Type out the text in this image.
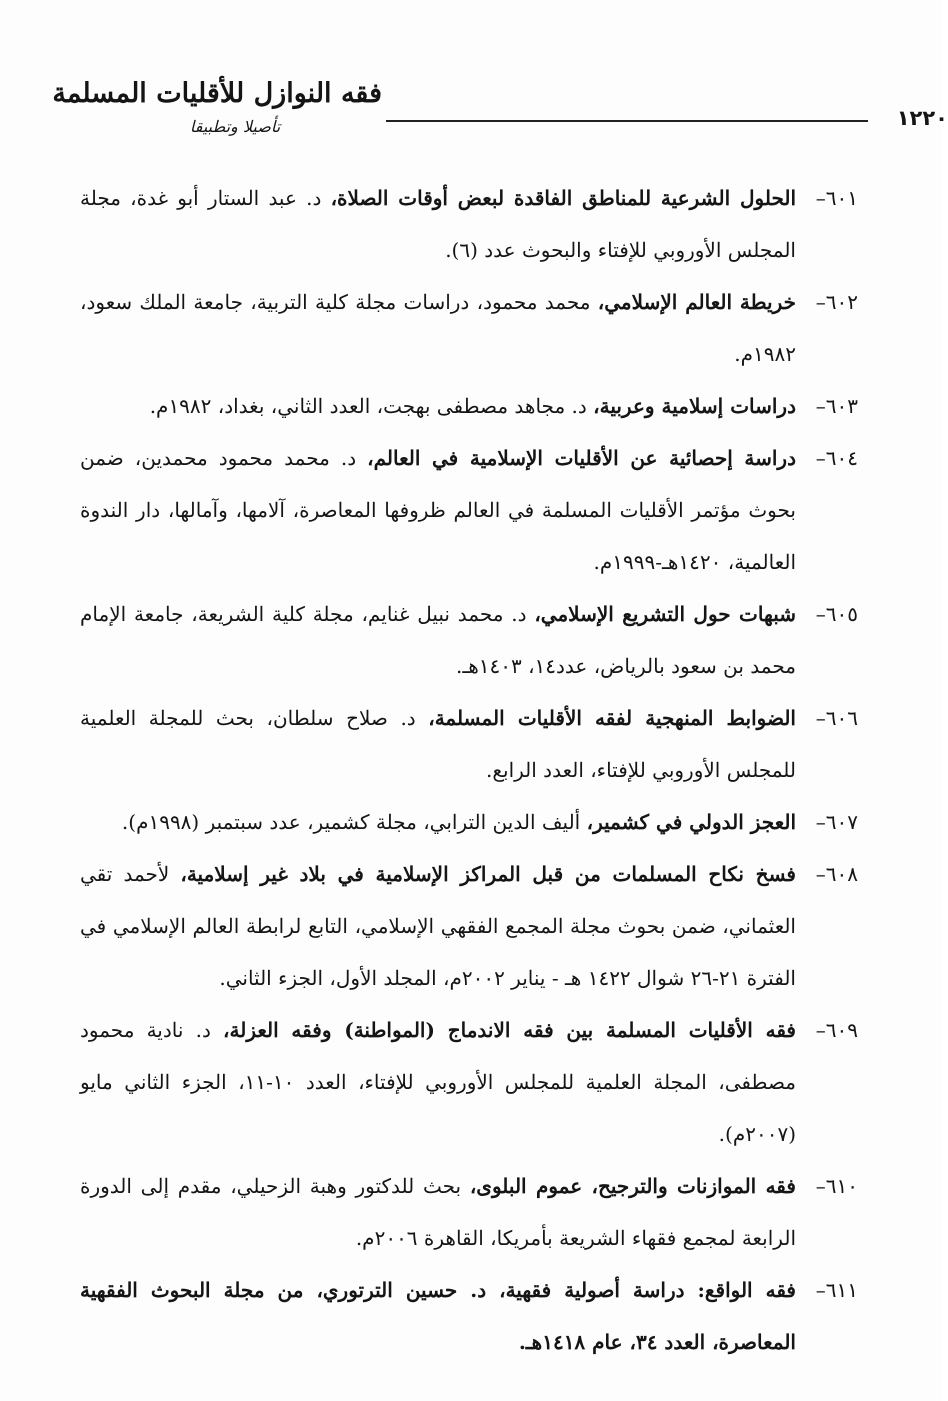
فقه النوازل للأقليات المسلمة
تأصيلا وتطبيقا	١٢٢٠

٦٠١–الحلول الشرعية للمناطق الفاقدة لبعض أوقات الصلاة، د. عبد الستار أبو غدة، مجلة المجلس الأوروبي للإفتاء والبحوث عدد (٦).

٦٠٢–خريطة العالم الإسلامي، محمد محمود، دراسات مجلة كلية التربية، جامعة الملك سعود، ١٩٨٢م.

٦٠٣–دراسات إسلامية وعربية، د. مجاهد مصطفى بهجت، العدد الثاني، بغداد، ١٩٨٢م.

٦٠٤–دراسة إحصائية عن الأقليات الإسلامية في العالم، د. محمد محمود محمدين، ضمن بحوث مؤتمر الأقليات المسلمة في العالم ظروفها المعاصرة، آلامها، وآمالها، دار الندوة العالمية، ١٤٢٠هـ-١٩٩٩م.

٦٠٥–شبهات حول التشريع الإسلامي، د. محمد نبيل غنايم، مجلة كلية الشريعة، جامعة الإمام محمد بن سعود بالرياض، عدد١٤، ١٤٠٣هـ.

٦٠٦–الضوابط المنهجية لفقه الأقليات المسلمة، د. صلاح سلطان، بحث للمجلة العلمية للمجلس الأوروبي للإفتاء، العدد الرابع.

٦٠٧–العجز الدولي في كشمير، أليف الدين الترابي، مجلة كشمير، عدد سبتمبر (١٩٩٨م).

٦٠٨–فسخ نكاح المسلمات من قبل المراكز الإسلامية في بلاد غير إسلامية، لأحمد تقي العثماني، ضمن بحوث مجلة المجمع الفقهي الإسلامي، التابع لرابطة العالم الإسلامي في الفترة ٢١-٢٦ شوال ١٤٢٢ هـ - يناير ٢٠٠٢م، المجلد الأول، الجزء الثاني.

٦٠٩–فقه الأقليات المسلمة بين فقه الاندماج (المواطنة) وفقه العزلة، د. نادية محمود مصطفى، المجلة العلمية للمجلس الأوروبي للإفتاء، العدد ١٠-١١، الجزء الثاني مايو (٢٠٠٧م).

٦١٠–فقه الموازنات والترجيح، عموم البلوى، بحث للدكتور وهبة الزحيلي، مقدم إلى الدورة الرابعة لمجمع فقهاء الشريعة بأمريكا، القاهرة ٢٠٠٦م.

٦١١–فقه الواقع: دراسة أصولية فقهية، د. حسين الترتوري، من مجلة البحوث الفقهية المعاصرة، العدد ٣٤، عام ١٤١٨هـ.
